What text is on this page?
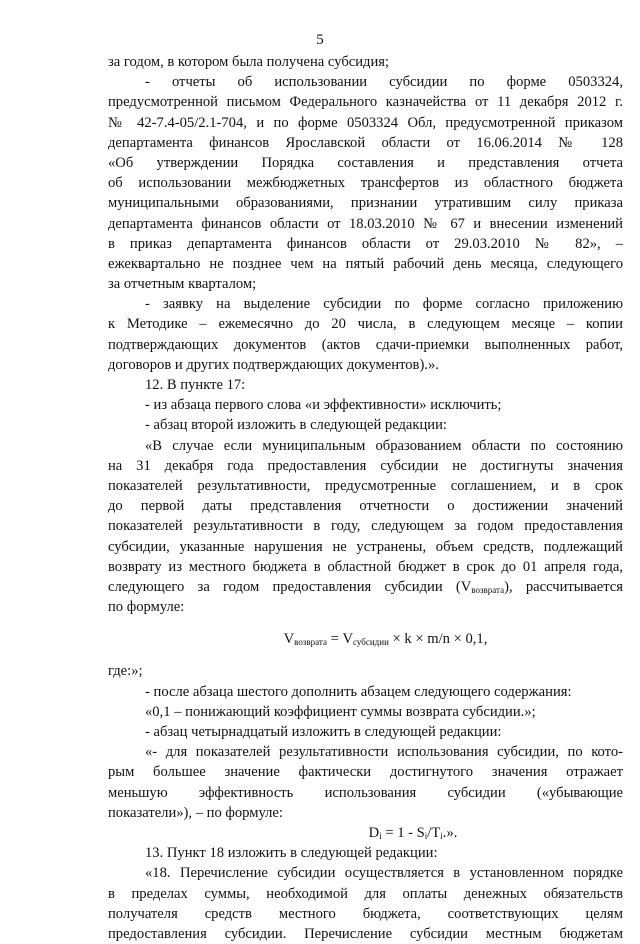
5
за годом, в котором была получена субсидия;
- отчеты об использовании субсидии по форме 0503324,
предусмотренной письмом Федерального казначейства от 11 декабря 2012 г.
№ 42-7.4-05/2.1-704, и по форме 0503324 Обл, предусмотренной приказом
департамента финансов Ярославской области от 16.06.2014 № 128
«Об утверждении Порядка составления и представления отчета
об использовании межбюджетных трансфертов из областного бюджета
муниципальными образованиями, признании утратившим силу приказа
департамента финансов области от 18.03.2010 № 67 и внесении изменений
в приказ департамента финансов области от 29.03.2010 № 82», –
ежеквартально не позднее чем на пятый рабочий день месяца, следующего
за отчетным кварталом;
- заявку на выделение субсидии по форме согласно приложению
к Методике – ежемесячно до 20 числа, в следующем месяце – копии
подтверждающих документов (актов сдачи-приемки выполненных работ,
договоров и других подтверждающих документов).».
12. В пункте 17:
- из абзаца первого слова «и эффективности» исключить;
- абзац второй изложить в следующей редакции:
«В случае если муниципальным образованием области по состоянию
на 31 декабря года предоставления субсидии не достигнуты значения
показателей результативности, предусмотренные соглашением, и в срок
до первой даты представления отчетности о достижении значений
показателей результативности в году, следующем за годом предоставления
субсидии, указанные нарушения не устранены, объем средств, подлежащий
возврату из местного бюджета в областной бюджет в срок до 01 апреля года,
следующего за годом предоставления субсидии $(V_{возврата})$, рассчитывается
по формуле:
$V_{возврата} = V_{субсидии} \times k \times m/n \times 0,1$,
где:»;
- после абзаца шестого дополнить абзацем следующего содержания:
«0,1 – понижающий коэффициент суммы возврата субсидии.»;
- абзац четырнадцатый изложить в следующей редакции:
«- для показателей результативности использования субсидии, по кото-
рым большее значение фактически достигнутого значения отражает
меньшую эффективность использования субсидии («убывающие
показатели»), – по формуле:
$D_i = 1 - S_i/T_i$.».
13. Пункт 18 изложить в следующей редакции:
«18. Перечисление субсидии осуществляется в установленном порядке
в пределах суммы, необходимой для оплаты денежных обязательств
получателя средств местного бюджета, соответствующих целям
предоставления субсидии. Перечисление субсидии местным бюджетам
